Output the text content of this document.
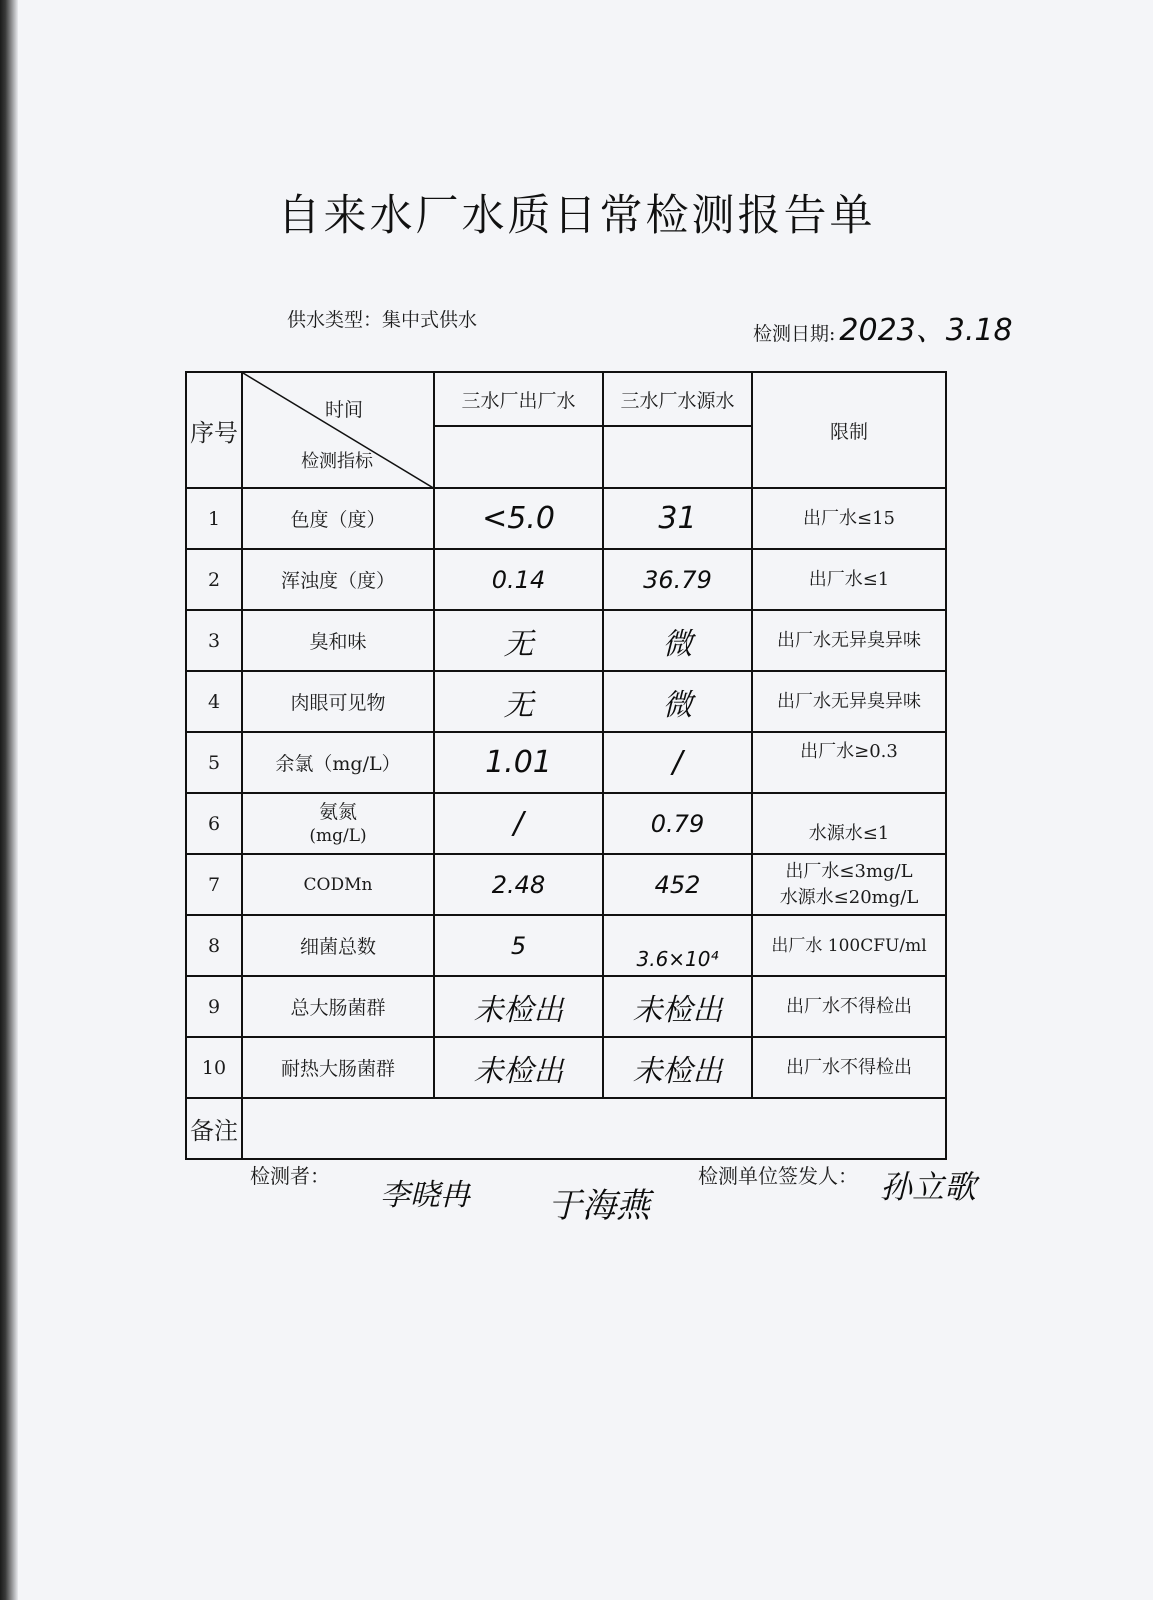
自来水厂水质日常检测报告单
供水类型：集中式供水
检测日期: 2023、3.18
序号	时间
检测指标	三水厂出厂水	三水厂水源水	限制

1	色度（度）	<5.0	31	出厂水≤15
2	浑浊度（度）	0.14	36.79	出厂水≤1
3	臭和味	无	微	出厂水无异臭异味
4	肉眼可见物	无	微	出厂水无异臭异味
5	余氯（mg/L）	1.01	/	出厂水≥0.3
6	氨氮
(mg/L)	/	0.79	水源水≤1
7	CODMn	2.48	452	出厂水≤3mg/L
水源水≤20mg/L

8	细菌总数	5	3.6×10⁴	出厂水 100CFU/ml
9	总大肠菌群	未检出	未检出	出厂水不得检出
10	耐热大肠菌群	未检出	未检出	出厂水不得检出
备注				
检测者：
李晓冉 于海燕
检测单位签发人： 孙立歌
